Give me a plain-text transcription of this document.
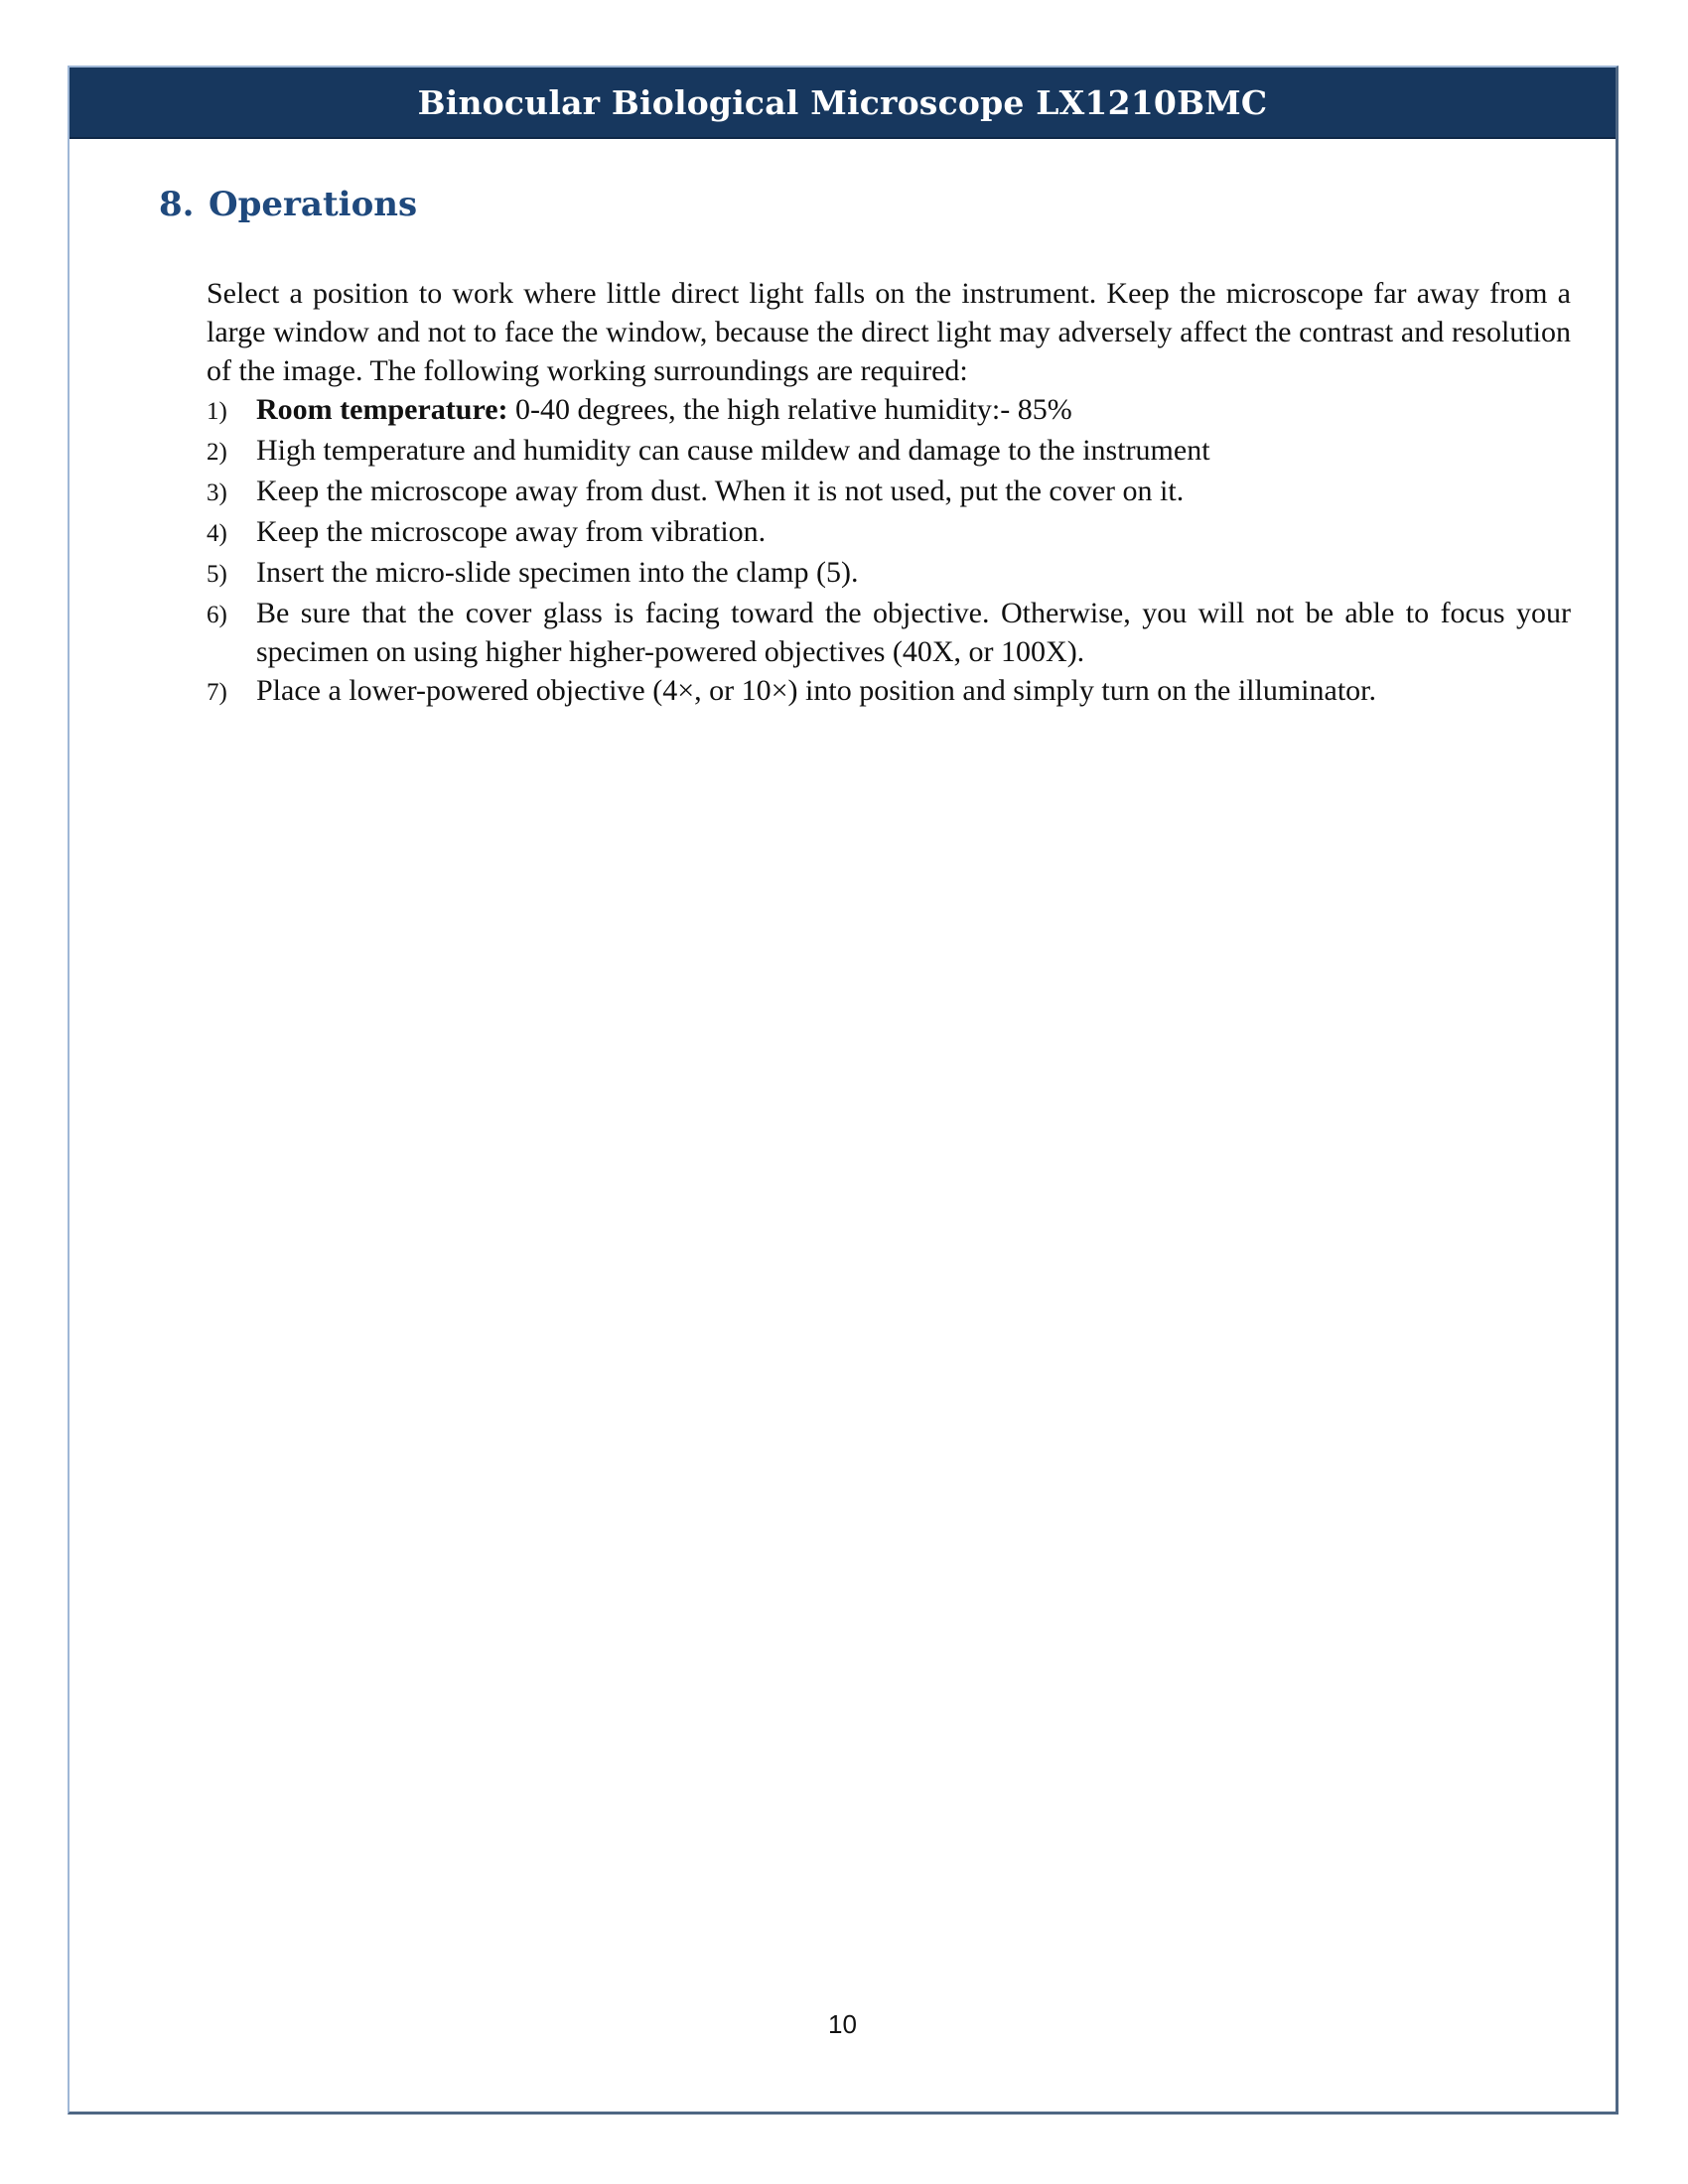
Binocular Biological Microscope LX1210BMC
8. Operations

Select a position to work where little direct light falls on the instrument. Keep the microscope far away from a large window and not to face the window, because the direct light may adversely affect the contrast and resolution of the image. The following working surroundings are required:

1) Room temperature: 0-40 degrees, the high relative humidity:- 85%
2) High temperature and humidity can cause mildew and damage to the instrument
3) Keep the microscope away from dust. When it is not used, put the cover on it.
4) Keep the microscope away from vibration.
5) Insert the micro-slide specimen into the clamp (5).
6) Be sure that the cover glass is facing toward the objective. Otherwise, you will not be able to focus your specimen on using higher higher-powered objectives (40X, or 100X).
7) Place a lower-powered objective (4×, or 10×) into position and simply turn on the illuminator.
10
